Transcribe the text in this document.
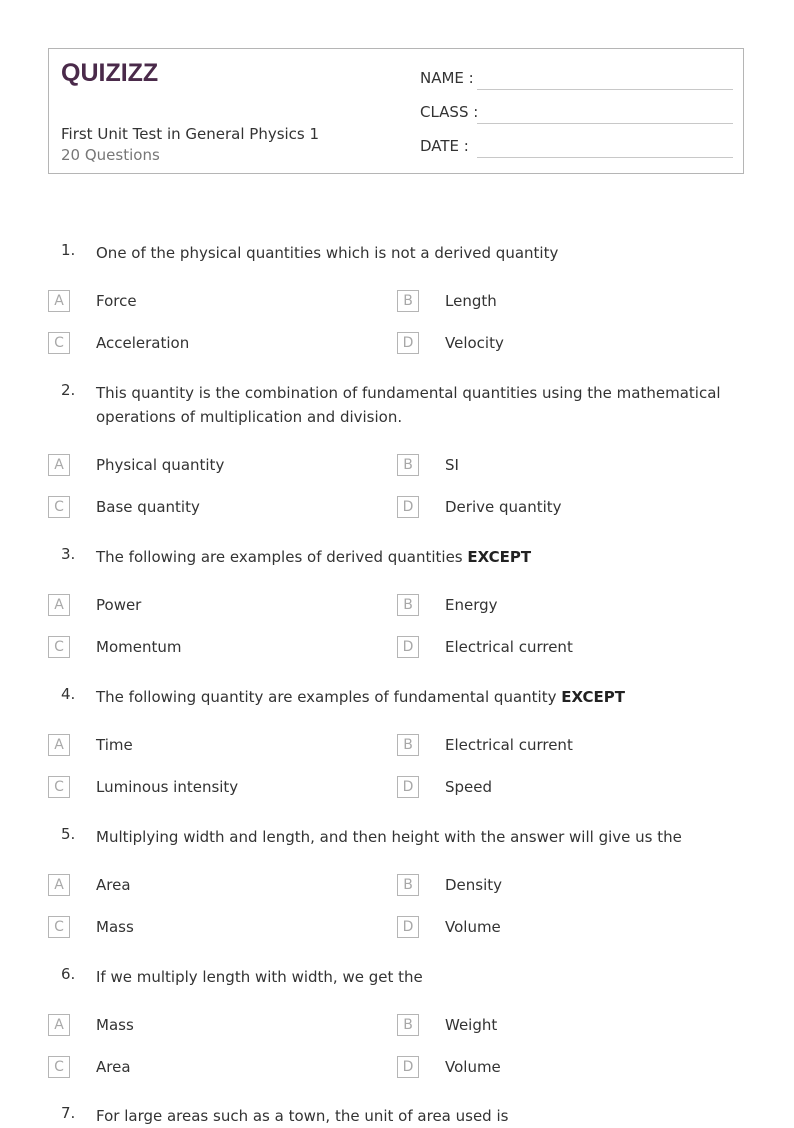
QUIZIZZ
First Unit Test in General Physics 1
20 Questions
NAME :
CLASS :
DATE :
1. One of the physical quantities which is not a derived quantity
A	Force	B	Length
C	Acceleration	D	Velocity
2. This quantity is the combination of fundamental quantities using the mathematical operations of multiplication and division.
A	Physical quantity	B	SI
C	Base quantity	D	Derive quantity
3. The following are examples of derived quantities EXCEPT
A	Power	B	Energy
C	Momentum	D	Electrical current
4. The following quantity are examples of fundamental quantity EXCEPT
A	Time	B	Electrical current
C	Luminous intensity	D	Speed
5. Multiplying width and length, and then height with the answer will give us the
A	Area	B	Density
C	Mass	D	Volume
6. If we multiply length with width, we get the
A	Mass	B	Weight
C	Area	D	Volume
7. For large areas such as a town, the unit of area used is
